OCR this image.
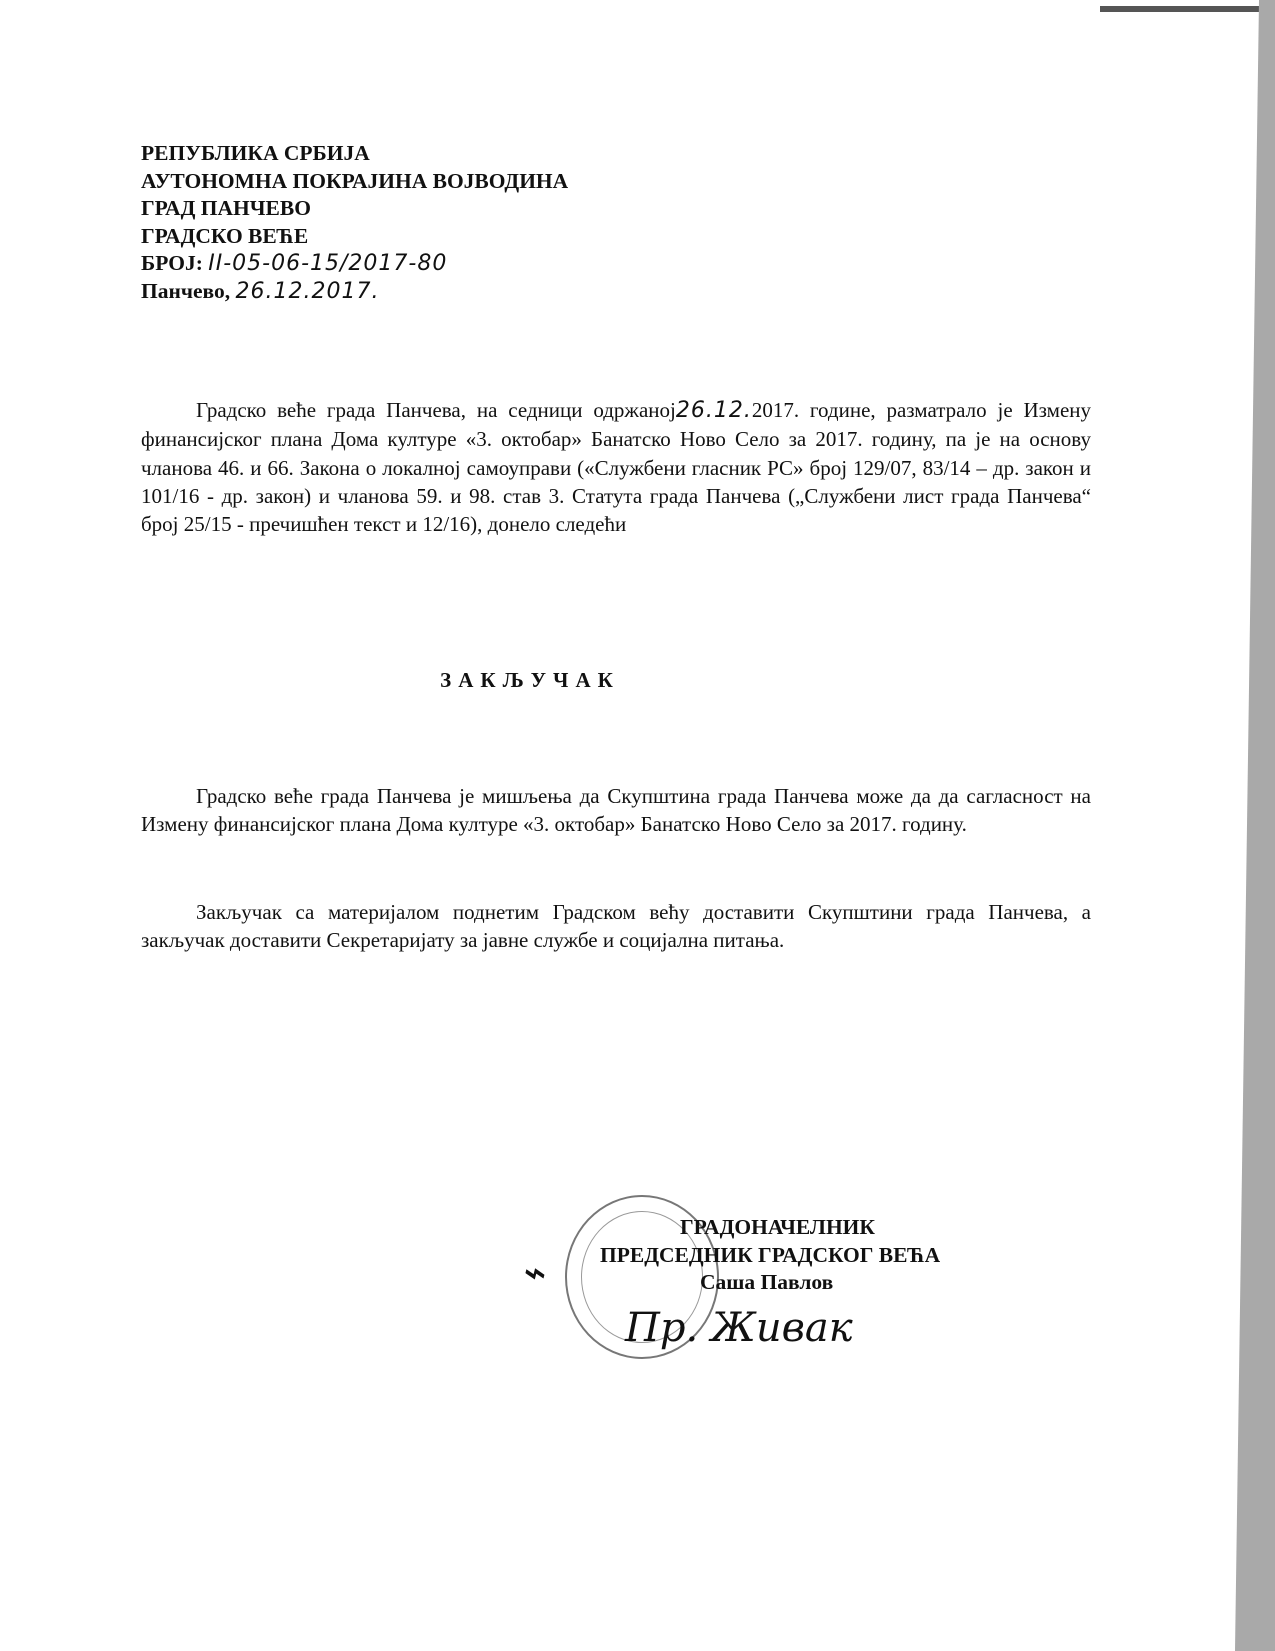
РЕПУБЛИКА СРБИЈА
АУТОНОМНА ПОКРАЈИНА ВОЈВОДИНА
ГРАД ПАНЧЕВО
ГРАДСКО ВЕЋЕ
БРОЈ: II-05-06-15/2017-80
Панчево, 26.12.2017.
Градско веће града Панчева, на седници одржаној26.12.2017. године, разматрало је Измену финансијског плана Дома културе «3. октобар» Банатско Ново Село за 2017. годину, па је на основу чланова 46. и 66. Закона о локалној самоуправи («Службени гласник РС» број 129/07, 83/14 – др. закон и 101/16 - др. закон) и чланова 59. и 98. став 3. Статута града Панчева („Службени лист града Панчева“ број 25/15 - пречишћен текст и 12/16), донело следећи
ЗАКЉУЧАК
Градско веће града Панчева је мишљења да Скупштина града Панчева може да да сагласност на Измену финансијског плана Дома културе «3. октобар» Банатско Ново Село за 2017. годину.
Закључак са материјалом поднетим Градском већу доставити Скупштини града Панчева, а закључак доставити Секретаријату за јавне службе и социјална питања.
ГРАДОНАЧЕЛНИК
ПРЕДСЕДНИК ГРАДСКОГ ВЕЋА
Саша Павлов
⌁
Пр. Живак
